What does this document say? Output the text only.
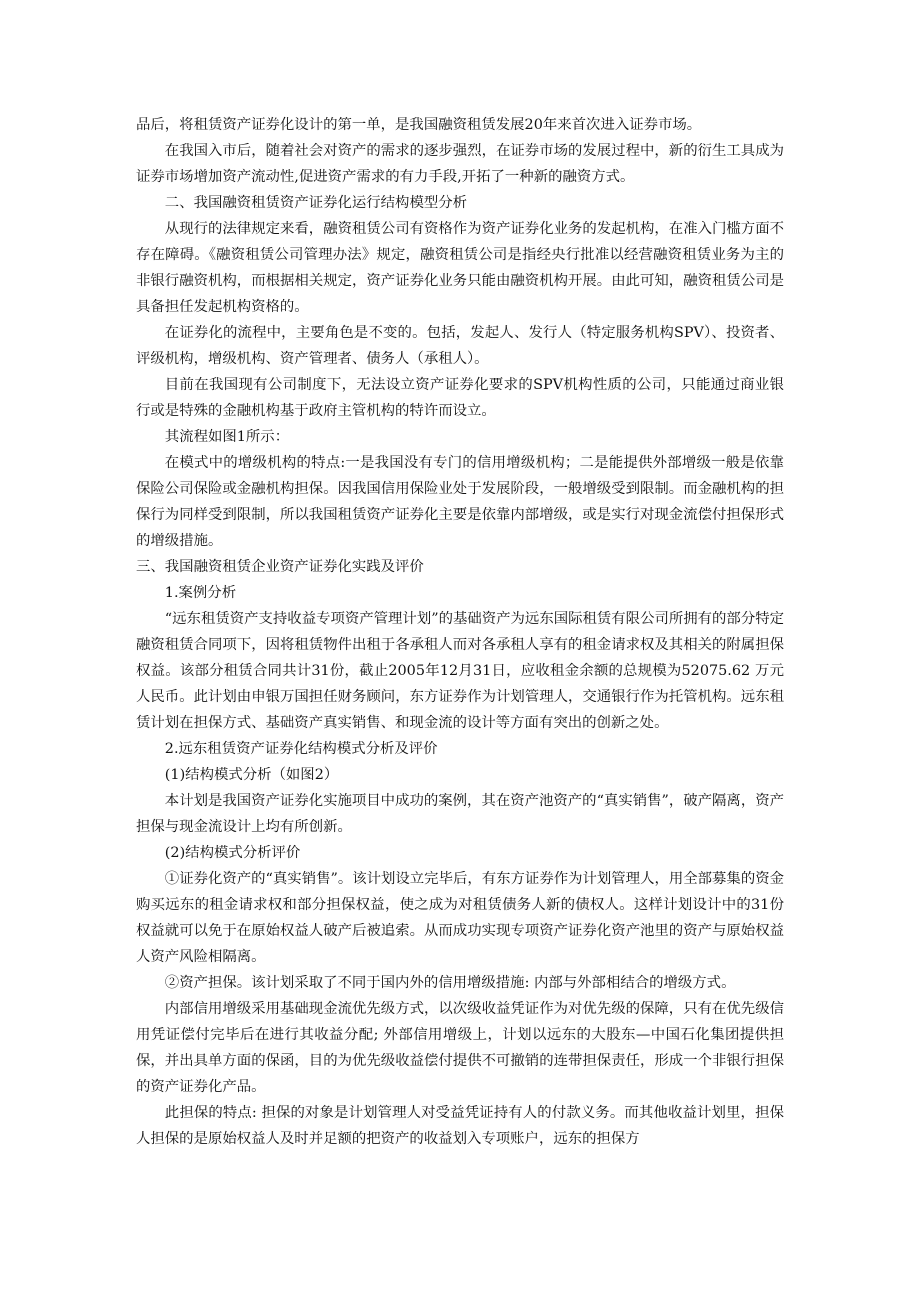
品后，将租赁资产证券化设计的第一单，是我国融资租赁发展20年来首次进入证券市场。

在我国入市后，随着社会对资产的需求的逐步强烈，在证券市场的发展过程中，新的衍生工具成为证券市场增加资产流动性,促进资产需求的有力手段,开拓了一种新的融资方式。

二、我国融资租赁资产证券化运行结构模型分析

从现行的法律规定来看，融资租赁公司有资格作为资产证券化业务的发起机构，在准入门槛方面不存在障碍。《融资租赁公司管理办法》规定，融资租赁公司是指经央行批准以经营融资租赁业务为主的非银行融资机构，而根据相关规定，资产证券化业务只能由融资机构开展。由此可知，融资租赁公司是具备担任发起机构资格的。

在证券化的流程中，主要角色是不变的。包括，发起人、发行人（特定服务机构SPV）、投资者、评级机构，增级机构、资产管理者、债务人（承租人）。

目前在我国现有公司制度下，无法设立资产证券化要求的SPV机构性质的公司，只能通过商业银行或是特殊的金融机构基于政府主管机构的特许而设立。

其流程如图1所示：

在模式中的增级机构的特点:一是我国没有专门的信用增级机构；二是能提供外部增级一般是依靠保险公司保险或金融机构担保。因我国信用保险业处于发展阶段，一般增级受到限制。而金融机构的担保行为同样受到限制，所以我国租赁资产证券化主要是依靠内部增级，或是实行对现金流偿付担保形式的增级措施。

三、我国融资租赁企业资产证券化实践及评价

1.案例分析

“远东租赁资产支持收益专项资产管理计划”的基础资产为远东国际租赁有限公司所拥有的部分特定融资租赁合同项下，因将租赁物件出租于各承租人而对各承租人享有的租金请求权及其相关的附属担保权益。该部分租赁合同共计31份，截止2005年12月31日，应收租金余额的总规模为52075.62 万元人民币。此计划由申银万国担任财务顾问，东方证券作为计划管理人，交通银行作为托管机构。远东租赁计划在担保方式、基础资产真实销售、和现金流的设计等方面有突出的创新之处。

2.远东租赁资产证券化结构模式分析及评价

(1)结构模式分析（如图2）

本计划是我国资产证券化实施项目中成功的案例，其在资产池资产的“真实销售”，破产隔离，资产担保与现金流设计上均有所创新。

(2)结构模式分析评价

①证券化资产的“真实销售”。该计划设立完毕后，有东方证券作为计划管理人，用全部募集的资金购买远东的租金请求权和部分担保权益，使之成为对租赁债务人新的债权人。这样计划设计中的31份权益就可以免于在原始权益人破产后被追索。从而成功实现专项资产证券化资产池里的资产与原始权益人资产风险相隔离。

②资产担保。该计划采取了不同于国内外的信用增级措施: 内部与外部相结合的增级方式。

内部信用增级采用基础现金流优先级方式，以次级收益凭证作为对优先级的保障，只有在优先级信用凭证偿付完毕后在进行其收益分配; 外部信用增级上，计划以远东的大股东—中国石化集团提供担保，并出具单方面的保函，目的为优先级收益偿付提供不可撤销的连带担保责任，形成一个非银行担保的资产证券化产品。

此担保的特点: 担保的对象是计划管理人对受益凭证持有人的付款义务。而其他收益计划里，担保人担保的是原始权益人及时并足额的把资产的收益划入专项账户，远东的担保方
